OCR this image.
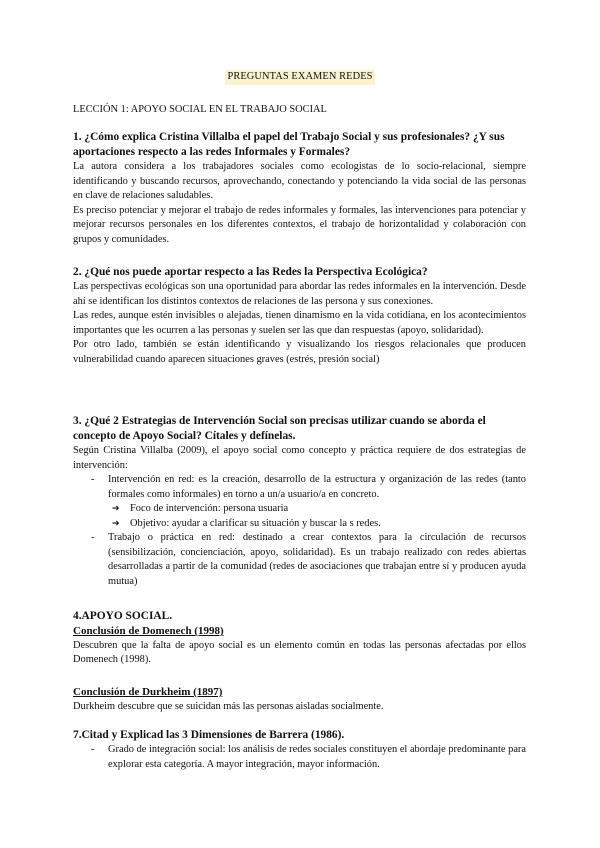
PREGUNTAS EXAMEN REDES
LECCIÓN 1: APOYO SOCIAL EN EL TRABAJO SOCIAL
1. ¿Cómo explica Cristina Villalba el papel del Trabajo Social y sus profesionales? ¿Y sus aportaciones respecto a las redes Informales y Formales?
La autora considera a los trabajadores sociales como ecologistas de lo socio-relacional, siempre identificando y buscando recursos, aprovechando, conectando y potenciando la vida social de las personas en clave de relaciones saludables.
Es preciso potenciar y mejorar el trabajo de redes informales y formales, las intervenciones para potenciar y mejorar recursos personales en los diferentes contextos, el trabajo de horizontalidad y colaboración con grupos y comunidades.
2. ¿Qué nos puede aportar respecto a las Redes la Perspectiva Ecológica?
Las perspectivas ecológicas son una oportunidad para abordar las redes informales en la intervención. Desde ahí se identifican los distintos contextos de relaciones de las persona y sus conexiones.
Las redes, aunque estén invisibles o alejadas, tienen dinamismo en la vida cotidiana, en los acontecimientos importantes que les ocurren a las personas y suelen ser las que dan respuestas (apoyo, solidaridad).
Por otro lado, también se están identificando y visualizando los riesgos relacionales que producen vulnerabilidad cuando aparecen situaciones graves (estrés, presión social)
3. ¿Qué 2 Estrategias de Intervención Social son precisas utilizar cuando se aborda el concepto de Apoyo Social? Cítales y defínelas.
Según Cristina Villalba (2009), el apoyo social como concepto y práctica requiere de dos estrategias de intervención:
- Intervención en red: es la creación, desarrollo de la estructura y organización de las redes (tanto formales como informales) en torno a un/a usuario/a en concreto.
➔ Foco de intervención: persona usuaria
➔ Objetivo: ayudar a clarificar su situación y buscar la s redes.
- Trabajo o práctica en red: destinado a crear contextos para la circulación de recursos (sensibilización, concienciación, apoyo, solidaridad). Es un trabajo realizado con redes abiertas desarrolladas a partir de la comunidad (redes de asociaciones que trabajan entre sí y producen ayuda mutua)
4.APOYO SOCIAL.
Conclusión de Domenech (1998)
Descubren que la falta de apoyo social es un elemento común en todas las personas afectadas por ellos Domenech (1998).
Conclusión de Durkheim (1897)
Durkheim descubre que se suicidan más las personas aisladas socialmente.
7.Citad y Explicad las 3 Dimensiones de Barrera (1986).
- Grado de integración social: los análisis de redes sociales constituyen el abordaje predominante para explorar esta categoría. A mayor integración, mayor información.
